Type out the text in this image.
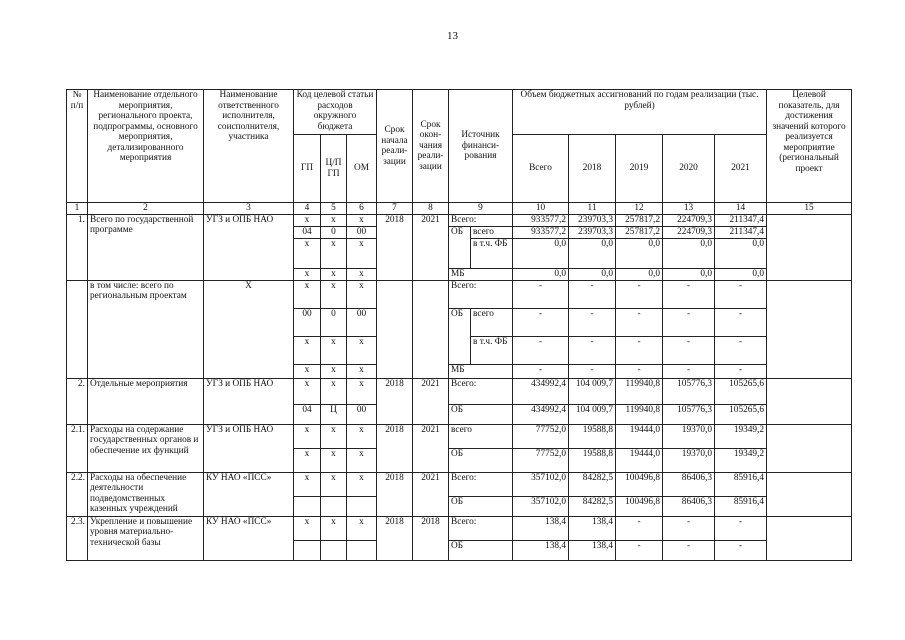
13
№ п/п	Наименование отдельного мероприятия, регионального проекта, подпрограммы, основного мероприятия, детализированного мероприятия	Наименование ответственного исполнителя, соисполнителя, участника	Код целевой статьи расходов окружного бюджета			Срок начала реали- зации	Срок окон- чания реали- зации	Источник финанси- рования		Объем бюджетных ассигнований по годам реализации (тыс. рублей)					Целевой показатель, для достижения значений которого реализуется мероприятие (региональный проект
			ГП	Ц/П ГП	ОМ					Всего	2018	2019	2020	2021	
1	2	3	4	5	6	7	8	9		10	11	12	13	14	15
1.	Всего по государственной программе	УГЗ и ОПБ НАО	х	х	х	2018	2021	Всего:		933577,2	239703,3	257817,2	224709,3	211347,4	
			04	0	00			ОБ	всего	933577,2	239703,3	257817,2	224709,3	211347,4	
			х	х	х				в т.ч. ФБ	0,0	0,0	0,0	0,0	0,0	
			х	х	х			МБ		0,0	0,0	0,0	0,0	0,0	
	в том числе: всего по региональным проектам	Х	х	х	х			Всего:		-	-	-	-	-	
			00	0	00			ОБ	всего	-	-	-	-	-	
			х	х	х				в т.ч. ФБ	-	-	-	-	-	
			х	х	х			МБ		-	-	-	-	-	
2.	Отдельные мероприятия	УГЗ и ОПБ НАО	х	х	х	2018	2021	Всего:		434992,4	104 009,7	119940,8	105776,3	105265,6	
			04	Ц	00			ОБ		434992,4	104 009,7	119940,8	105776,3	105265,6	
2.1.	Расходы на содержание государственных органов и обеспечение их функций	УГЗ и ОПБ НАО	х	х	х	2018	2021	всего		77752,0	19588,8	19444,0	19370,0	19349,2	
			х	х	х			ОБ		77752,0	19588,8	19444,0	19370,0	19349,2	
2.2.	Расходы на обеспечение деятельности подведомственных казенных учреждений	КУ НАО «ПСС»	х	х	х	2018	2021	Всего:		357102,0	84282,5	100496,8	86406,3	85916,4	
								ОБ		357102,0	84282,5	100496,8	86406,3	85916,4	
2.3.	Укрепление и повышение уровня материально-технической базы	КУ НАО «ПСС»	х	х	х	2018	2018	Всего:		138,4	138,4	-	-	-	
								ОБ		138,4	138,4	-	-	-	
